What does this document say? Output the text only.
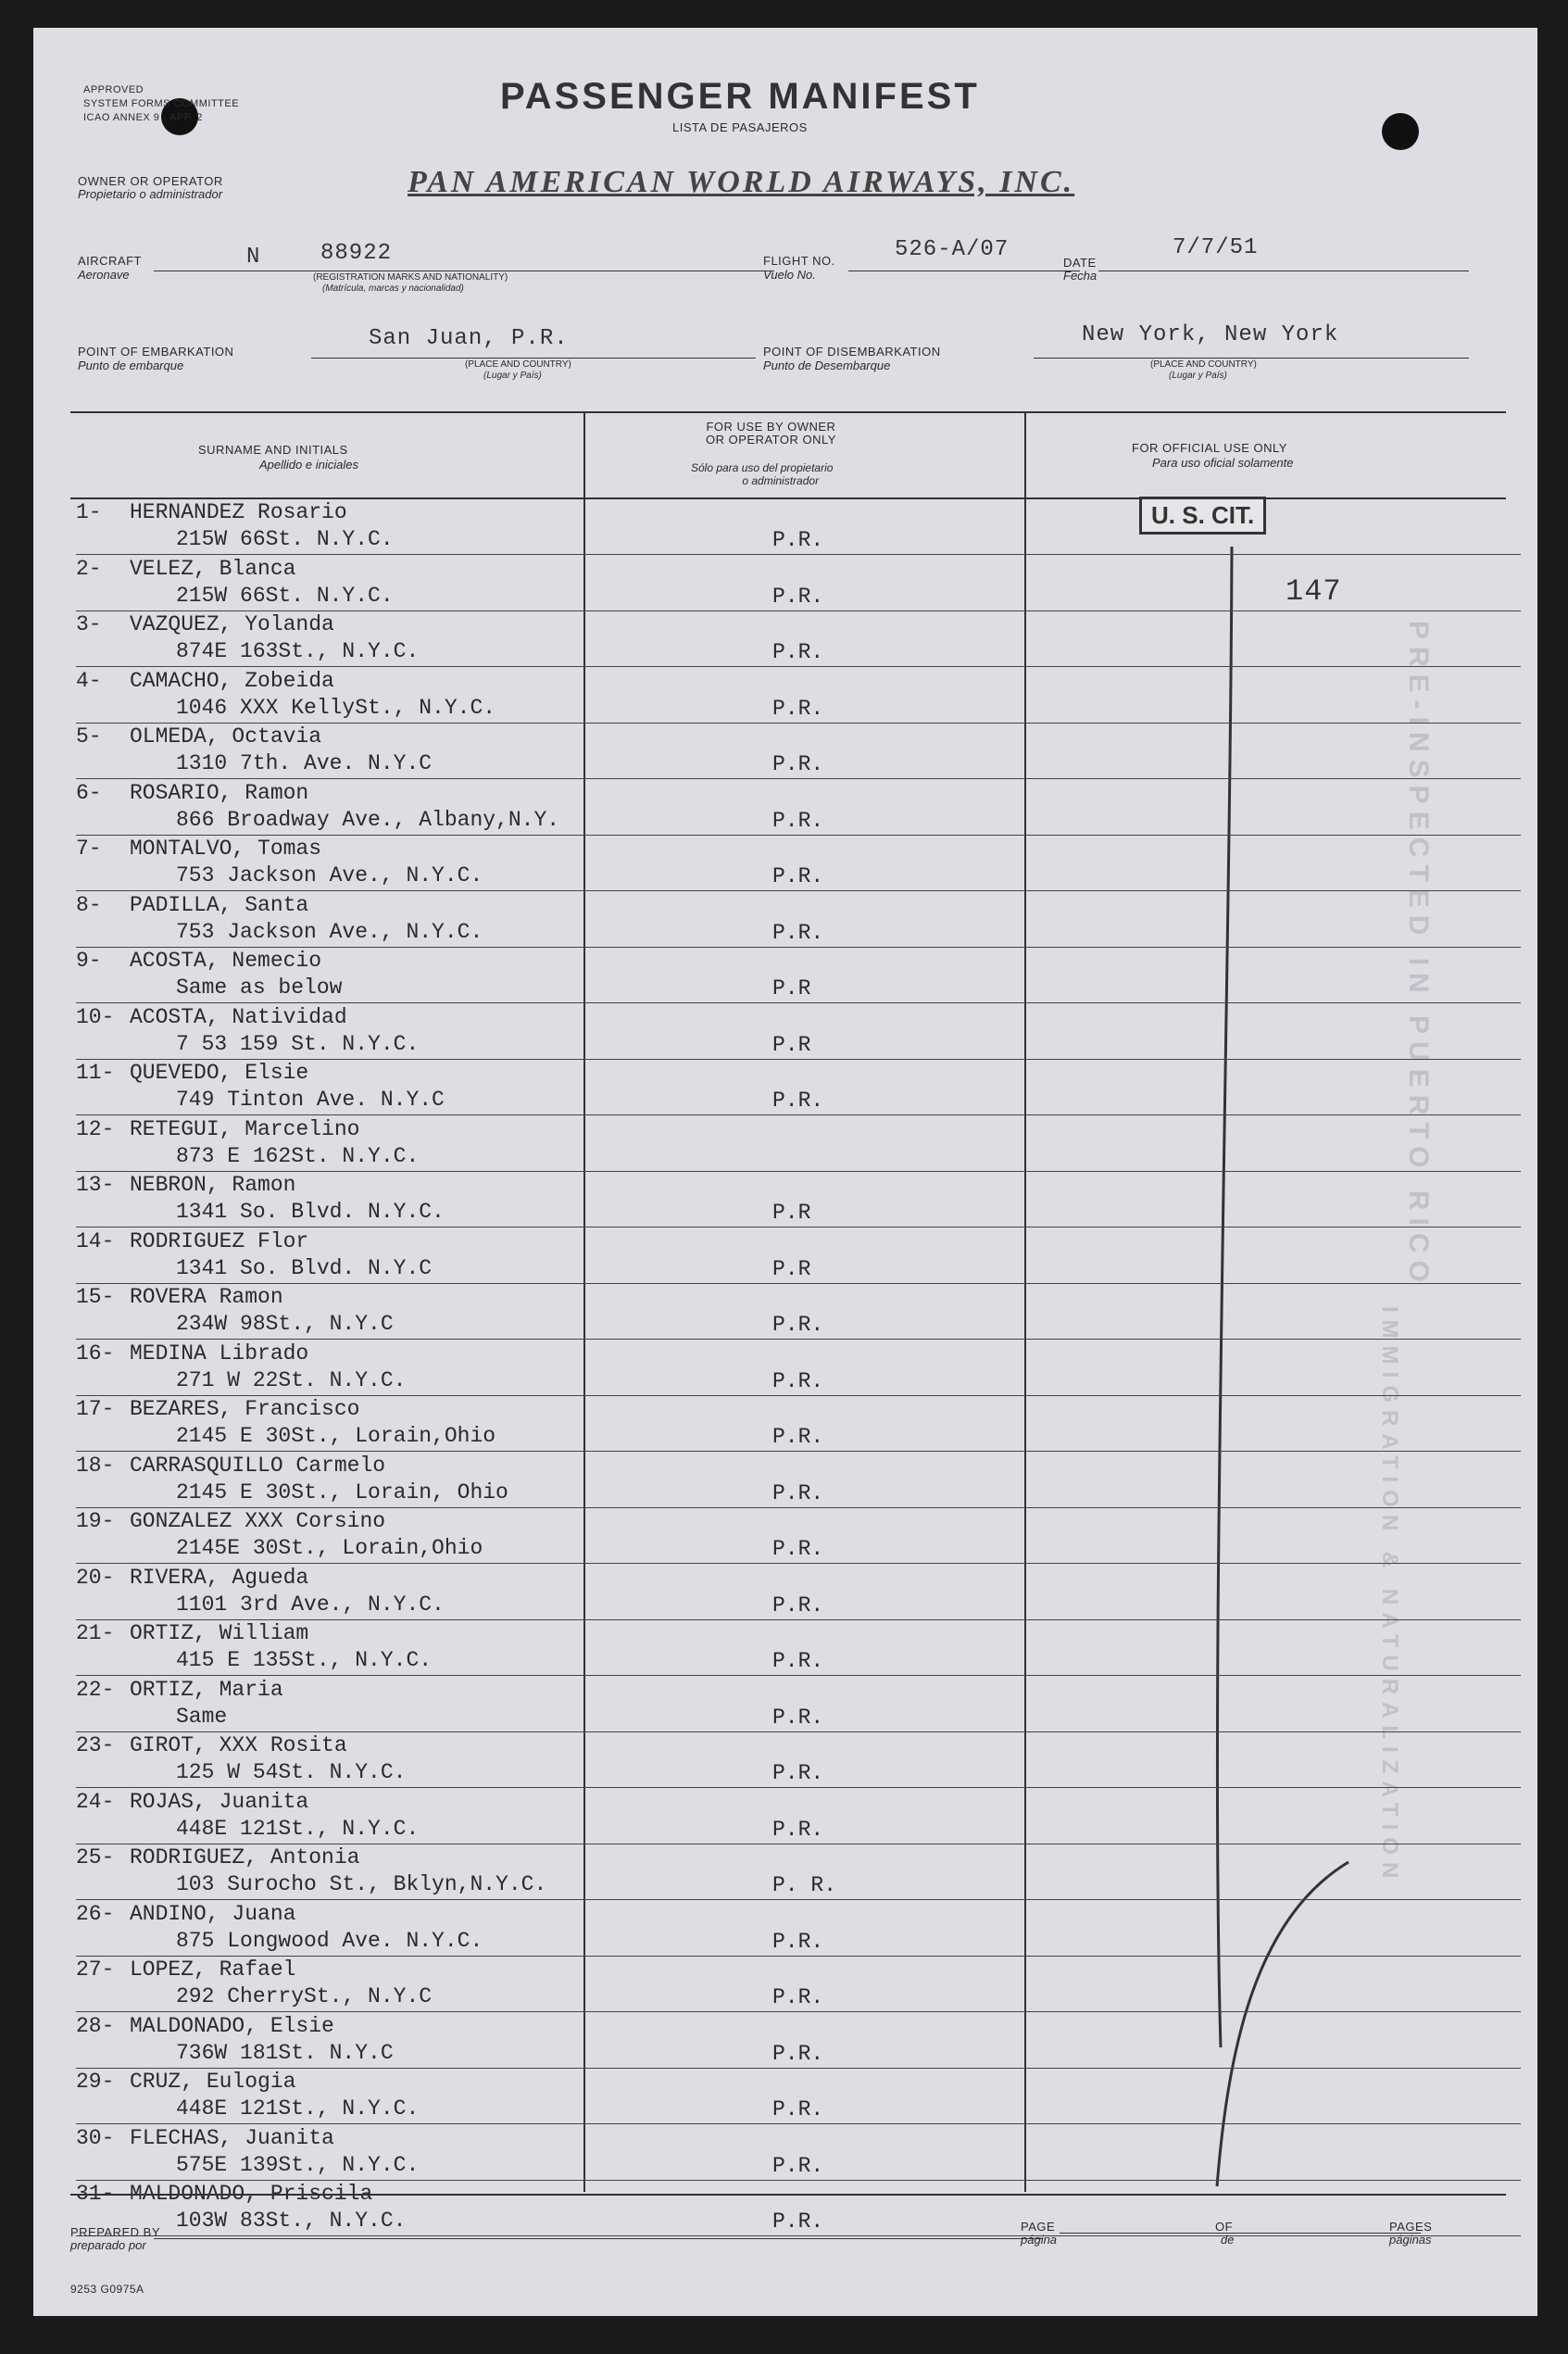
APPROVED
SYSTEM FORMS COMMITTEE
ICAO ANNEX 9 - APP. 2
PASSENGER MANIFEST
LISTA DE PASAJEROS
OWNER OR OPERATOR
Propietario o administrador	PAN AMERICAN WORLD AIRWAYS, INC.
AIRCRAFT
Aeronave
N	88922
(REGISTRATION MARKS AND NATIONALITY)
(Matrícula, marcas y nacionalidad)
FLIGHT NO.
Vuelo No.
526-A/07
DATE
Fecha
7/7/51
POINT OF EMBARKATION
Punto de embarque
San Juan, P.R.
(PLACE AND COUNTRY)
(Lugar y País)
POINT OF DISEMBARKATION
Punto de Desembarque
New York, New York
(PLACE AND COUNTRY)
(Lugar y País)
SURNAME AND INITIALS
Apellido e iniciales
FOR USE BY OWNER
OR OPERATOR ONLY
Sólo para uso del propietario
o administrador
FOR OFFICIAL USE ONLY
Para uso oficial solamente
U. S. CIT.
147
PRE-INSPECTED IN PUERTO RICO
IMMIGRATION & NATURALIZATION
1- HERNANDEZ Rosario
215W 66St. N.Y.C.	P.R.
2- VELEZ, Blanca
215W 66St. N.Y.C.	P.R.
3- VAZQUEZ, Yolanda
874E 163St., N.Y.C.	P.R.
4- CAMACHO, Zobeida
1046 XXX KellySt., N.Y.C.	P.R.
5- OLMEDA, Octavia
1310 7th. Ave. N.Y.C	P.R.
6- ROSARIO, Ramon
866 Broadway Ave., Albany,N.Y.	P.R.
7- MONTALVO, Tomas
753 Jackson Ave., N.Y.C.	P.R.
8- PADILLA, Santa
753 Jackson Ave., N.Y.C.	P.R.
9- ACOSTA, Nemecio
Same as below	P.R
10- ACOSTA, Natividad
7 53 159 St. N.Y.C.	P.R
11- QUEVEDO, Elsie
749 Tinton Ave. N.Y.C	P.R.
12- RETEGUI, Marcelino
873 E 162St. N.Y.C.
13- NEBRON, Ramon
1341 So. Blvd. N.Y.C.	P.R
14- RODRIGUEZ Flor
1341 So. Blvd. N.Y.C	P.R
15- ROVERA Ramon
234W 98St., N.Y.C	P.R.
16- MEDINA Librado
271 W 22St. N.Y.C.	P.R.
17- BEZARES, Francisco
2145 E 30St., Lorain,Ohio	P.R.
18- CARRASQUILLO Carmelo
2145 E 30St., Lorain, Ohio	P.R.
19- GONZALEZ XXX Corsino
2145E 30St., Lorain,Ohio	P.R.
20- RIVERA, Agueda
1101 3rd Ave., N.Y.C.	P.R.
21- ORTIZ, William
415 E 135St., N.Y.C.	P.R.
22- ORTIZ, Maria
Same	P.R.
23- GIROT, XXX Rosita
125 W 54St. N.Y.C.	P.R.
24- ROJAS, Juanita
448E 121St., N.Y.C.	P.R.
25- RODRIGUEZ, Antonia
103 Surocho St., Bklyn,N.Y.C.	P. R.
26- ANDINO, Juana
875 Longwood Ave. N.Y.C.	P.R.
27- LOPEZ, Rafael
292 CherrySt., N.Y.C	P.R.
28- MALDONADO, Elsie
736W 181St. N.Y.C	P.R.
29- CRUZ, Eulogia
448E 121St., N.Y.C.	P.R.
30- FLECHAS, Juanita
575E 139St., N.Y.C.	P.R.
31- MALDONADO, Priscila
103W 83St., N.Y.C.	P.R.
PREPARED BY
preparado por
PAGE
página
OF
de
PAGES
páginas
9253 G0975A
